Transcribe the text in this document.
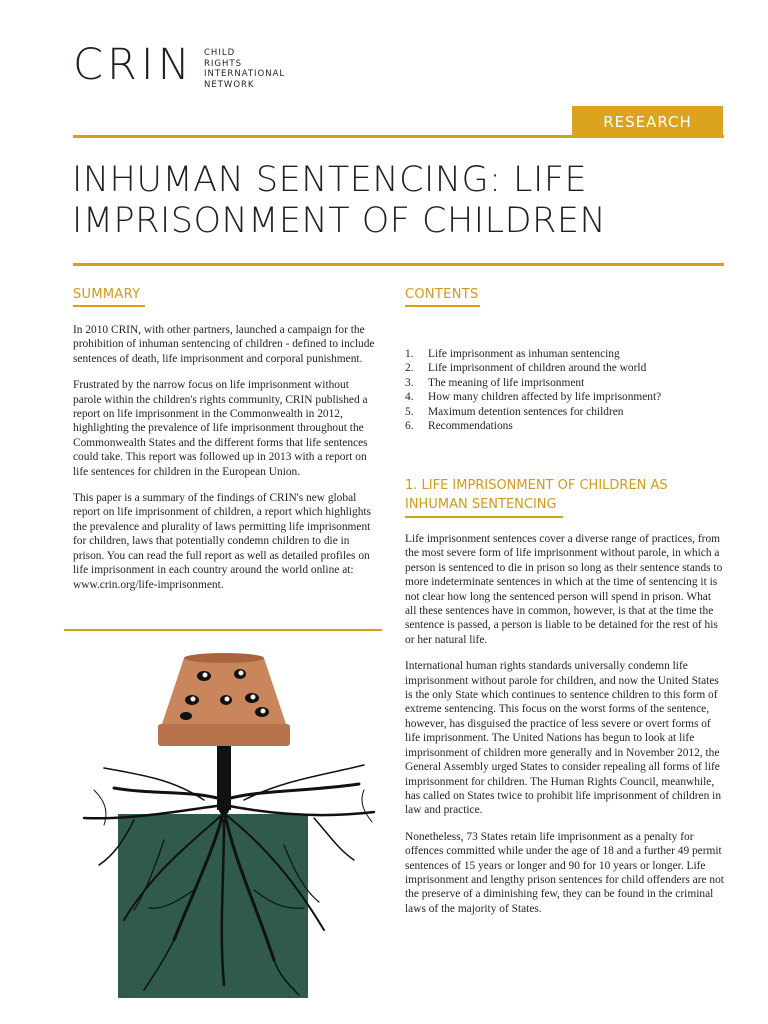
CRIN CHILD
RIGHTS
INTERNATIONAL
NETWORK
RESEARCH
INHUMAN SENTENCING: LIFE IMPRISONMENT OF CHILDREN
SUMMARY

In 2010 CRIN, with other partners, launched a campaign for the prohibition of inhuman sentencing of children - defined to include sentences of death, life imprisonment and corporal punishment.

Frustrated by the narrow focus on life imprisonment without parole within the children's rights community, CRIN published a report on life imprisonment in the Commonwealth in 2012, highlighting the prevalence of life imprisonment throughout the Commonwealth States and the different forms that life sentences could take. This report was followed up in 2013 with a report on life sentences for children in the European Union.

This paper is a summary of the findings of CRIN's new global report on life imprisonment of children, a report which highlights the prevalence and plurality of laws permitting life imprisonment for children, laws that potentially condemn children to die in prison. You can read the full report as well as detailed profiles on life imprisonment in each country around the world online at: www.crin.org/life-imprisonment.

CONTENTS
1.	Life imprisonment as inhuman sentencing
2.	Life imprisonment of children around the world
3.	The meaning of life imprisonment
4.	How many children affected by life imprisonment?
5.	Maximum detention sentences for children
6.	Recommendations
1. LIFE IMPRISONMENT OF CHILDREN AS INHUMAN SENTENCING

Life imprisonment sentences cover a diverse range of practices, from the most severe form of life imprisonment without parole, in which a person is sentenced to die in prison so long as their sentence stands to more indeterminate sentences in which at the time of sentencing it is not clear how long the sentenced person will spend in prison. What all these sentences have in common, however, is that at the time the sentence is passed, a person is liable to be detained for the rest of his or her natural life.

International human rights standards universally condemn life imprisonment without parole for children, and now the United States is the only State which continues to sentence children to this form of extreme sentencing. This focus on the worst forms of the sentence, however, has disguised the practice of less severe or overt forms of life imprisonment. The United Nations has begun to look at life imprisonment of children more generally and in November 2012, the General Assembly urged States to consider repealing all forms of life imprisonment for children. The Human Rights Council, meanwhile, has called on States twice to prohibit life imprisonment of children in law and practice.

Nonetheless, 73 States retain life imprisonment as a penalty for offences committed while under the age of 18 and a further 49 permit sentences of 15 years or longer and 90 for 10 years or longer. Life imprisonment and lengthy prison sentences for child offenders are not the preserve of a diminishing few, they can be found in the criminal laws of the majority of States.
